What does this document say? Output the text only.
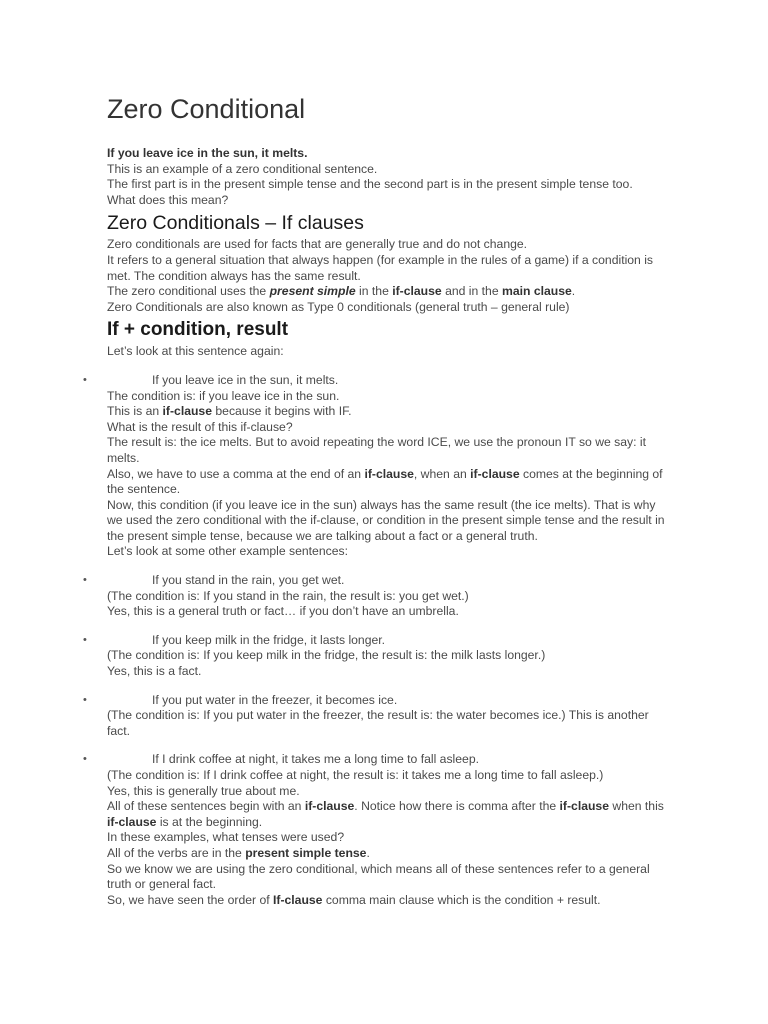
Zero Conditional

If you leave ice in the sun, it melts.

This is an example of a zero conditional sentence.

The first part is in the present simple tense and the second part is in the present simple tense too.

What does this mean?

Zero Conditionals – If clauses

Zero conditionals are used for facts that are generally true and do not change.

It refers to a general situation that always happen (for example in the rules of a game) if a condition is met. The condition always has the same result.

The zero conditional uses the present simple in the if-clause and in the main clause.

Zero Conditionals are also known as Type 0 conditionals (general truth – general rule)

If + condition, result

Let’s look at this sentence again:

•	If you leave ice in the sun, it melts.

The condition is: if you leave ice in the sun.

This is an if-clause because it begins with IF.

What is the result of this if-clause?

The result is: the ice melts. But to avoid repeating the word ICE, we use the pronoun IT so we say: it melts.

Also, we have to use a comma at the end of an if-clause, when an if-clause comes at the beginning of the sentence.

Now, this condition (if you leave ice in the sun) always has the same result (the ice melts). That is why we used the zero conditional with the if-clause, or condition in the present simple tense and the result in the present simple tense, because we are talking about a fact or a general truth.

Let’s look at some other example sentences:

•	If you stand in the rain, you get wet.

(The condition is: If you stand in the rain, the result is: you get wet.)

Yes, this is a general truth or fact… if you don’t have an umbrella.

•	If you keep milk in the fridge, it lasts longer.

(The condition is: If you keep milk in the fridge, the result is: the milk lasts longer.)

Yes, this is a fact.

•	If you put water in the freezer, it becomes ice.

(The condition is: If you put water in the freezer, the result is: the water becomes ice.) This is another fact.

•	If I drink coffee at night, it takes me a long time to fall asleep.

(The condition is: If I drink coffee at night, the result is: it takes me a long time to fall asleep.)

Yes, this is generally true about me.

All of these sentences begin with an if-clause. Notice how there is comma after the if-clause when this if-clause is at the beginning.

In these examples, what tenses were used?

All of the verbs are in the present simple tense.

So we know we are using the zero conditional, which means all of these sentences refer to a general truth or general fact.

So, we have seen the order of If-clause comma main clause which is the condition + result.
